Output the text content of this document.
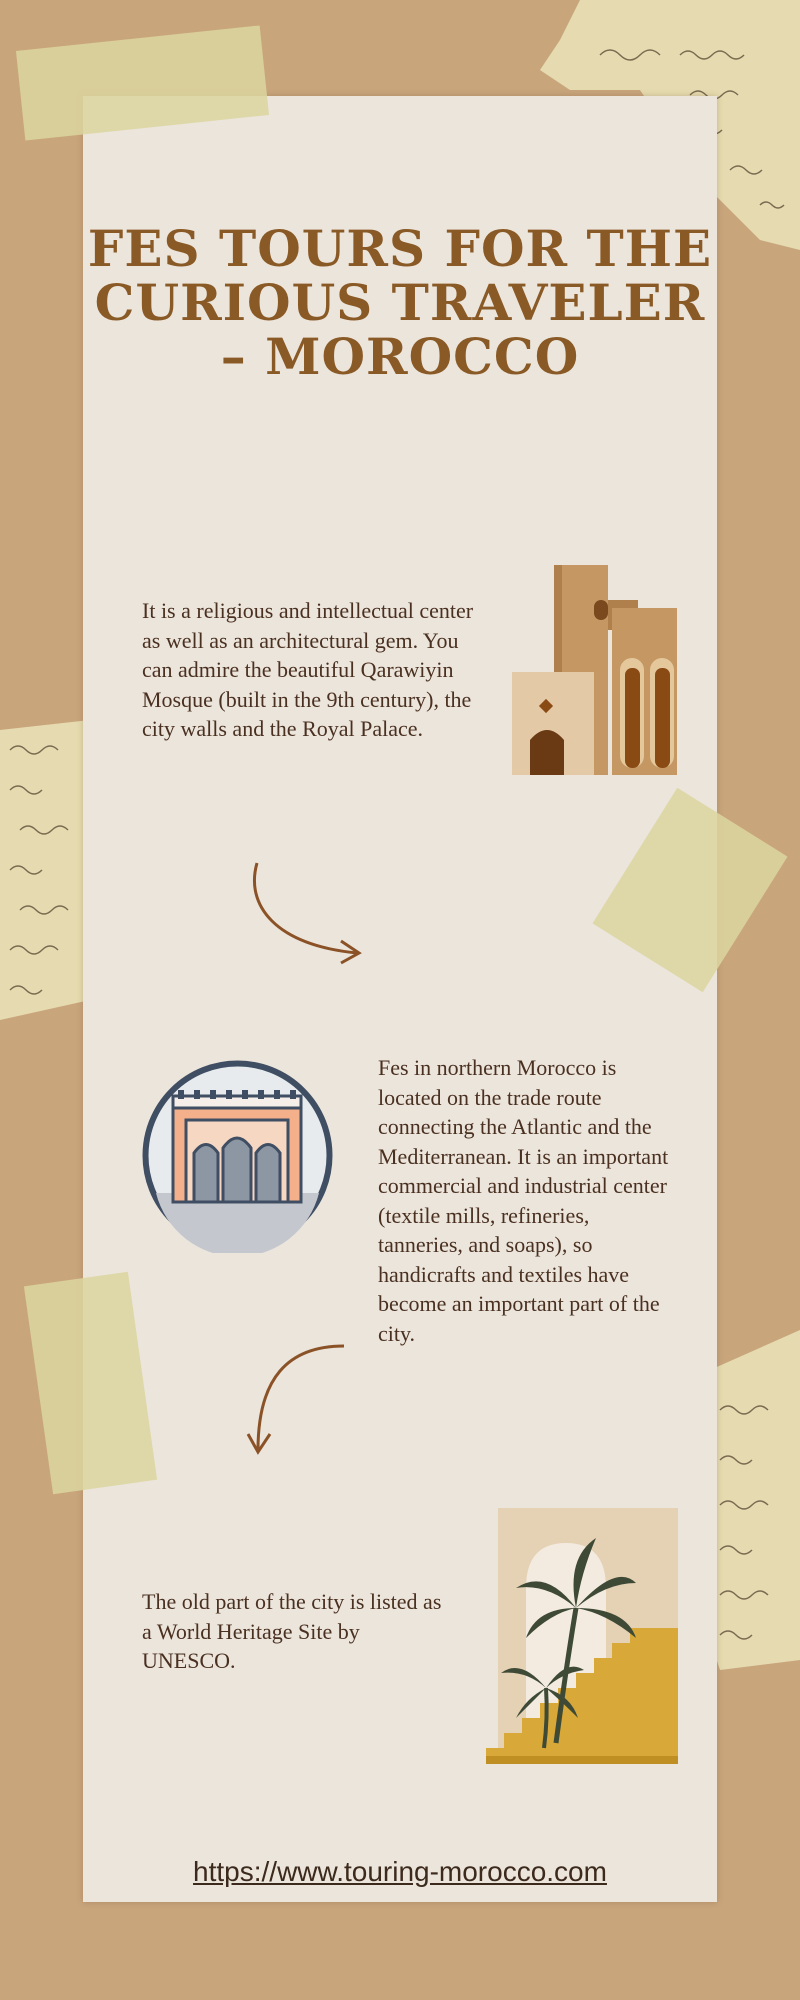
FES TOURS FOR THE CURIOUS TRAVELER – MOROCCO

It is a religious and intellectual center as well as an architectural gem. You can admire the beautiful Qarawiyin Mosque (built in the 9th century), the city walls and the Royal Palace.

Fes in northern Morocco is located on the trade route connecting the Atlantic and the Mediterranean. It is an important commercial and industrial center (textile mills, refineries, tanneries, and soaps), so handicrafts and textiles have become an important part of the city.

The old part of the city is listed as a World Heritage Site by UNESCO.

https://www.touring-morocco.com
